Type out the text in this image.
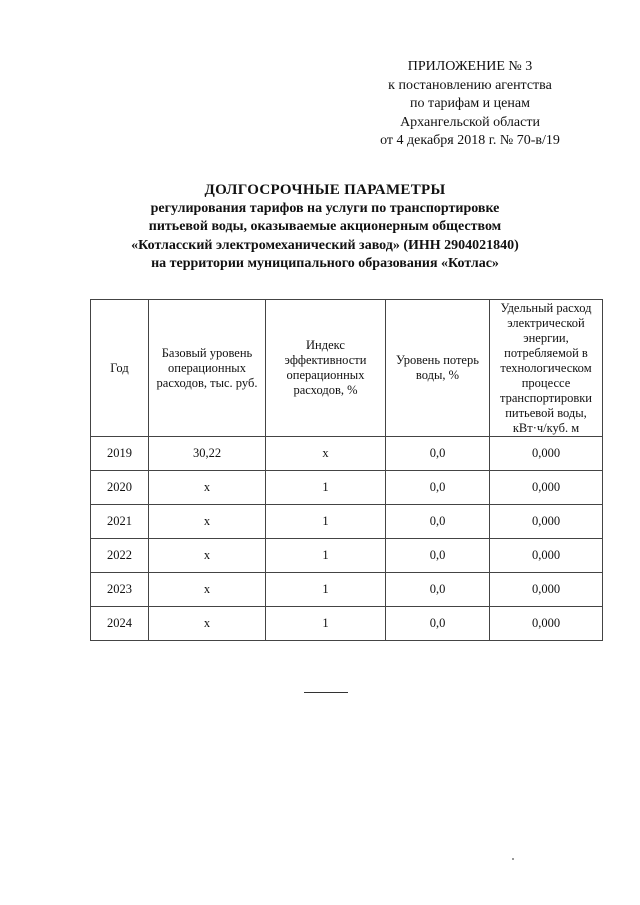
ПРИЛОЖЕНИЕ № 3
к постановлению агентства
по тарифам и ценам
Архангельской области
от 4 декабря 2018 г. № 70-в/19
ДОЛГОСРОЧНЫЕ ПАРАМЕТРЫ
регулирования тарифов на услуги по транспортировке
питьевой воды, оказываемые акционерным обществом
«Котласский электромеханический завод» (ИНН 2904021840)
на территории муниципального образования «Котлас»
Год	Базовый уровень операционных расходов, тыс. руб.	Индекс эффективности операционных расходов, %	Уровень потерь воды, %	Удельный расход электрической энергии, потребляемой в технологическом процессе транспортировки питьевой воды, кВт·ч/куб. м
2019	30,22	х	0,0	0,000
2020	х	1	0,0	0,000
2021	х	1	0,0	0,000
2022	х	1	0,0	0,000
2023	х	1	0,0	0,000
2024	х	1	0,0	0,000
